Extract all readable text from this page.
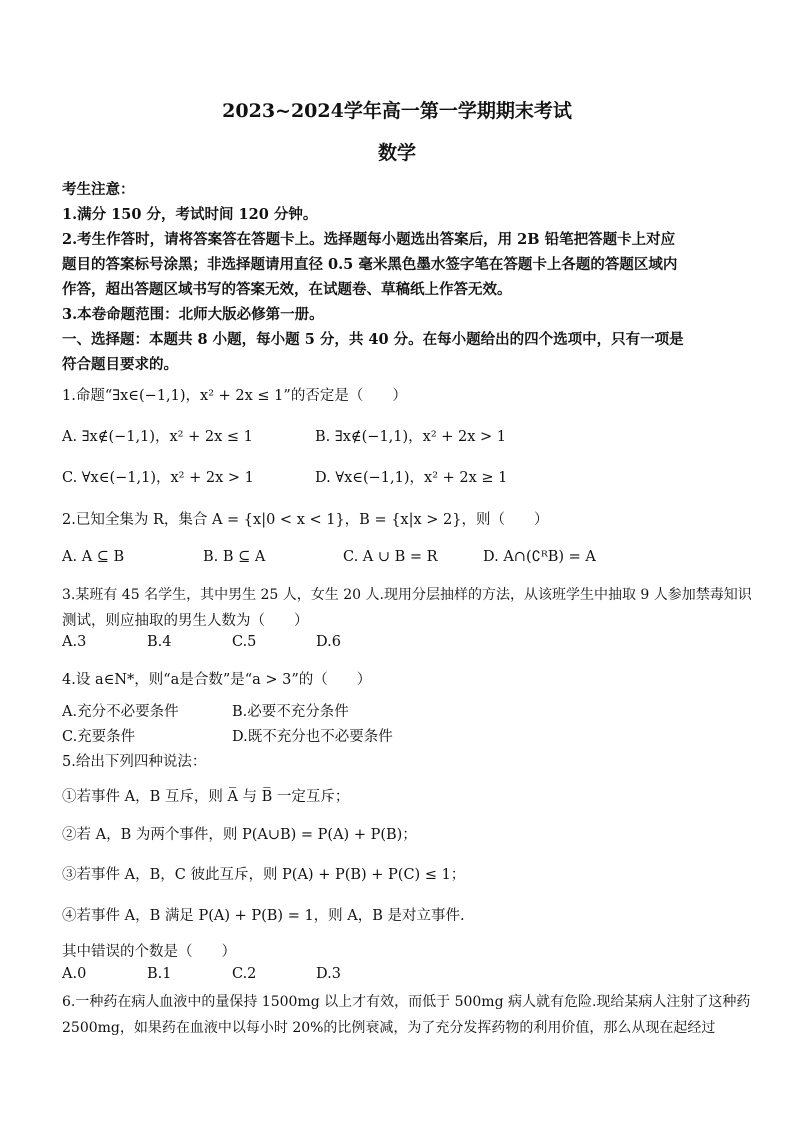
2023~2024学年高一第一学期期末考试
数学
考生注意：
1.满分 150 分，考试时间 120 分钟。
2.考生作答时，请将答案答在答题卡上。选择题每小题选出答案后，用 2B 铅笔把答题卡上对应
题目的答案标号涂黑；非选择题请用直径 0.5 毫米黑色墨水签字笔在答题卡上各题的答题区域内
作答，超出答题区域书写的答案无效，在试题卷、草稿纸上作答无效。
3.本卷命题范围：北师大版必修第一册。
一、选择题：本题共 8 小题，每小题 5 分，共 40 分。在每小题给出的四个选项中，只有一项是
符合题目要求的。
1.命题“∃x∈(−1,1)，x² + 2x ≤ 1”的否定是（　　）
A. ∃x∉(−1,1)，x² + 2x ≤ 1	B. ∃x∉(−1,1)，x² + 2x > 1
C. ∀x∈(−1,1)，x² + 2x > 1	D. ∀x∈(−1,1)，x² + 2x ≥ 1
2.已知全集为 R，集合 A = {x|0 < x < 1}，B = {x|x > 2}，则（　　）
A. A ⊆ B	B. B ⊆ A	C. A ∪ B = R	D. A∩(∁ᴿB) = A
3.某班有 45 名学生，其中男生 25 人，女生 20 人.现用分层抽样的方法，从该班学生中抽取 9 人参加禁毒知识
测试，则应抽取的男生人数为（　　）
A.3	B.4	C.5	D.6
4.设 a∈N*，则“a是合数”是“a > 3”的（　　）
A.充分不必要条件	B.必要不充分条件
C.充要条件	D.既不充分也不必要条件
5.给出下列四种说法：
①若事件 A，B 互斥，则 A̅ 与 B̅ 一定互斥；
②若 A，B 为两个事件，则 P(A∪B) = P(A) + P(B)；
③若事件 A，B，C 彼此互斥，则 P(A) + P(B) + P(C) ≤ 1；
④若事件 A，B 满足 P(A) + P(B) = 1，则 A，B 是对立事件.
其中错误的个数是（　　）
A.0	B.1	C.2	D.3
6.一种药在病人血液中的量保持 1500mg 以上才有效，而低于 500mg 病人就有危险.现给某病人注射了这种药
2500mg，如果药在血液中以每小时 20%的比例衰减，为了充分发挥药物的利用价值，那么从现在起经过
